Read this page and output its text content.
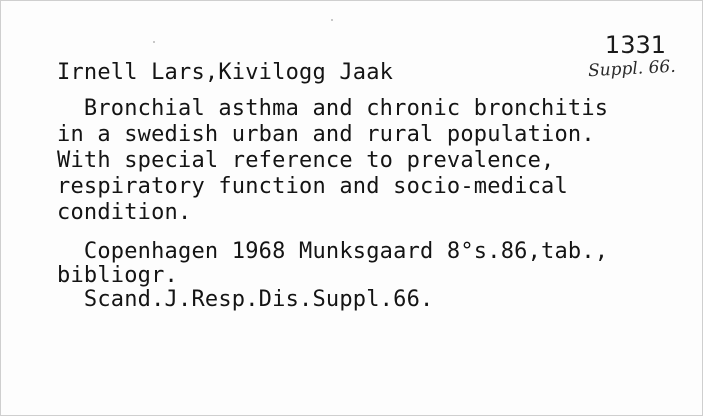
1331
Suppl. 66.
Irnell Lars,Kivilogg Jaak
Bronchial asthma and chronic bronchitis
in a swedish urban and rural population.
With special reference to prevalence,
respiratory function and socio-medical
condition.
Copenhagen 1968 Munksgaard 8°s.86,tab.,
bibliogr.
Scand.J.Resp.Dis.Suppl.66.
